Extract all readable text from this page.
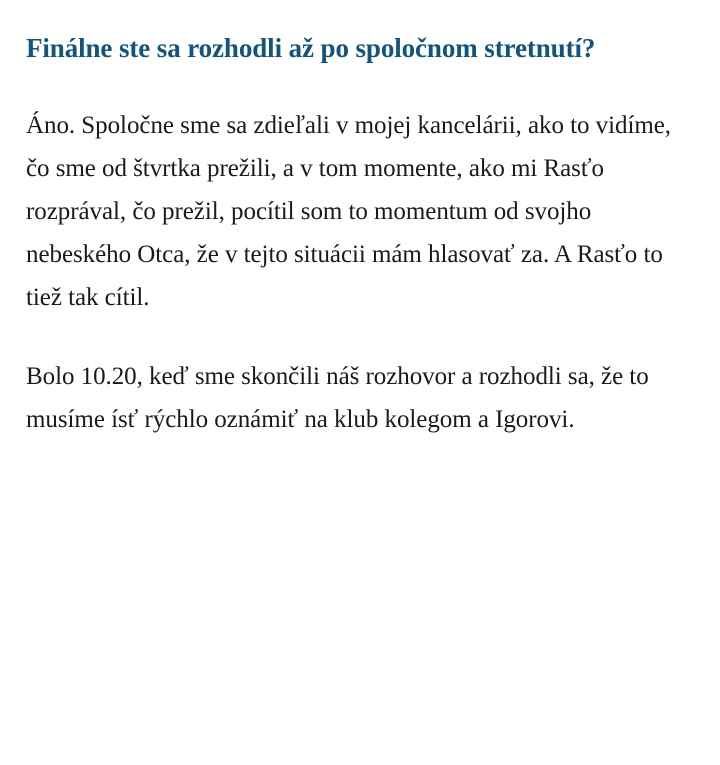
Finálne ste sa rozhodli až po spoločnom stretnutí?

Áno. Spoločne sme sa zdieľali v mojej kancelárii, ako to vidíme, čo sme od štvrtka prežili, a v tom momente, ako mi Rasťo rozprával, čo prežil, pocítil som to momentum od svojho nebeského Otca, že v tejto situácii mám hlasovať za. A Rasťo to tiež tak cítil.

Bolo 10.20, keď sme skončili náš rozhovor a rozhodli sa, že to musíme ísť rýchlo oznámiť na klub kolegom a Igorovi.
